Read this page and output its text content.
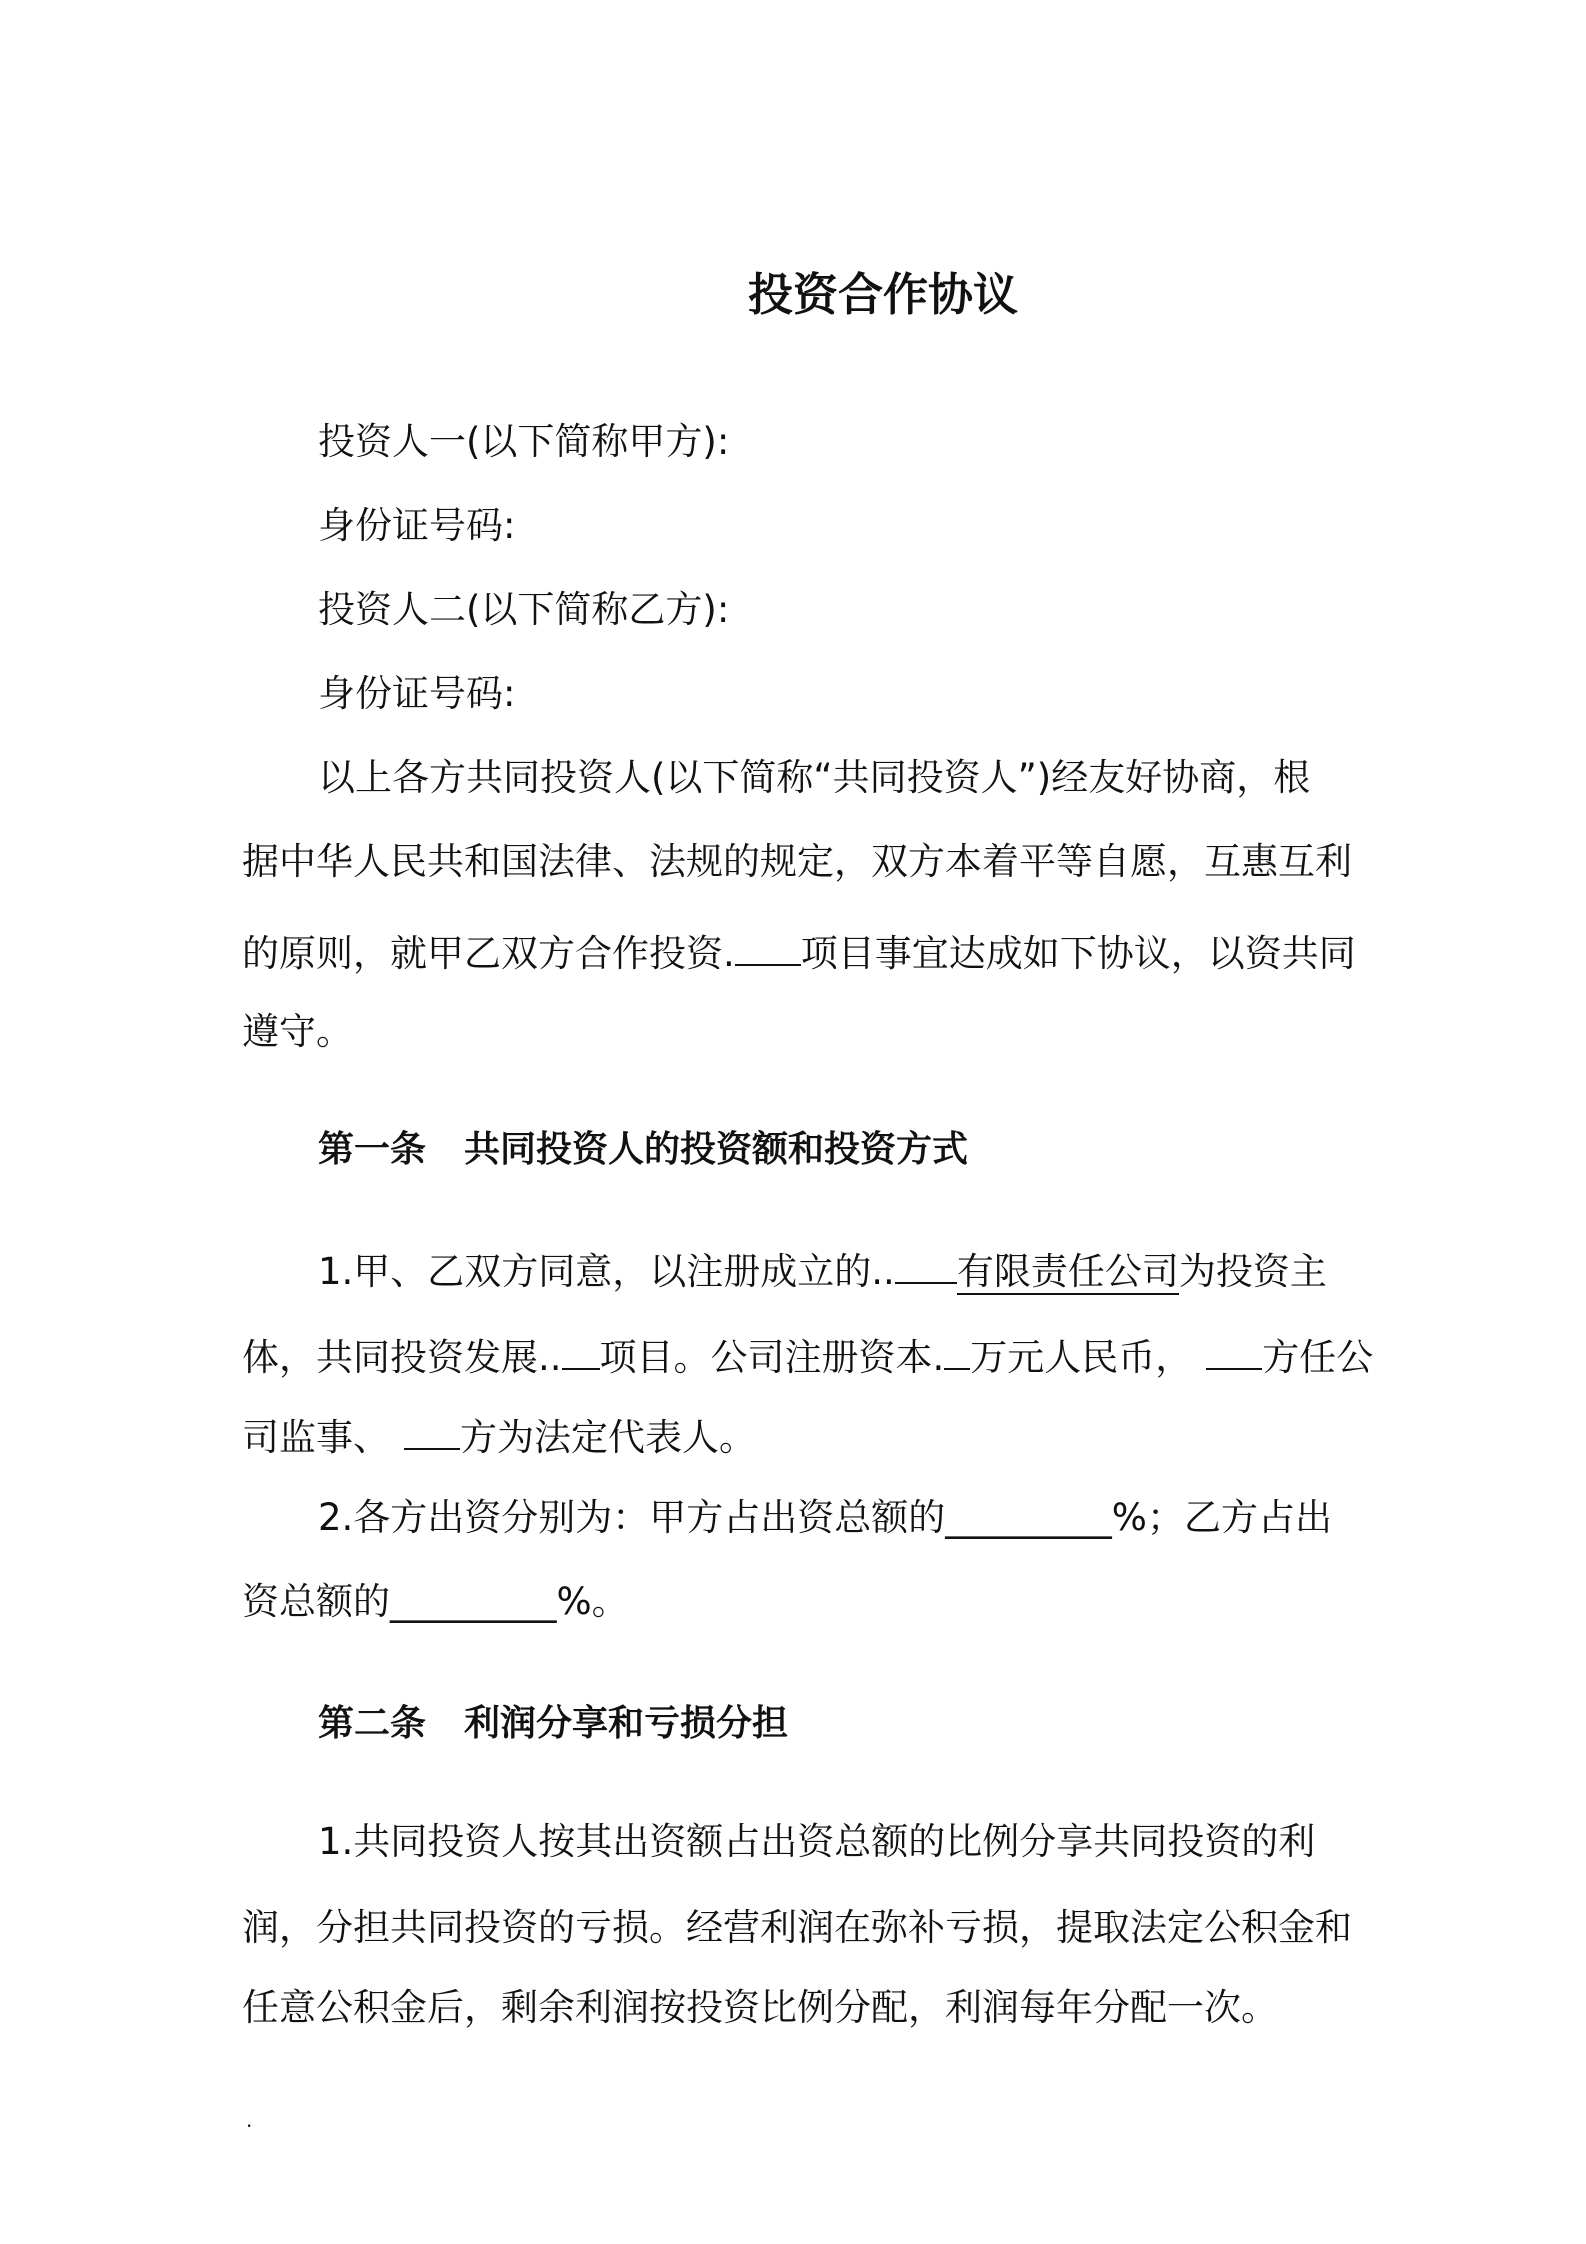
投资合作协议
投资人一(以下简称甲方):
身份证号码:
投资人二(以下简称乙方):
身份证号码:
以上各方共同投资人(以下简称“共同投资人”)经友好协商，根
据中华人民共和国法律、法规的规定，双方本着平等自愿，互惠互利
的原则，就甲乙双方合作投资. 项目事宜达成如下协议，以资共同
遵守。
第一条 共同投资人的投资额和投资方式
1.甲、乙双方同意，以注册成立的.. 有限责任公司为投资主
体，共同投资发展.. 项目。公司注册资本. 万元人民币， 方任公
司监事、 方为法定代表人。
2.各方出资分别为：甲方占出资总额的_________%；乙方占出
资总额的_________%。
第二条 利润分享和亏损分担
1.共同投资人按其出资额占出资总额的比例分享共同投资的利
润，分担共同投资的亏损。经营利润在弥补亏损，提取法定公积金和
任意公积金后，剩余利润按投资比例分配，利润每年分配一次。
.
